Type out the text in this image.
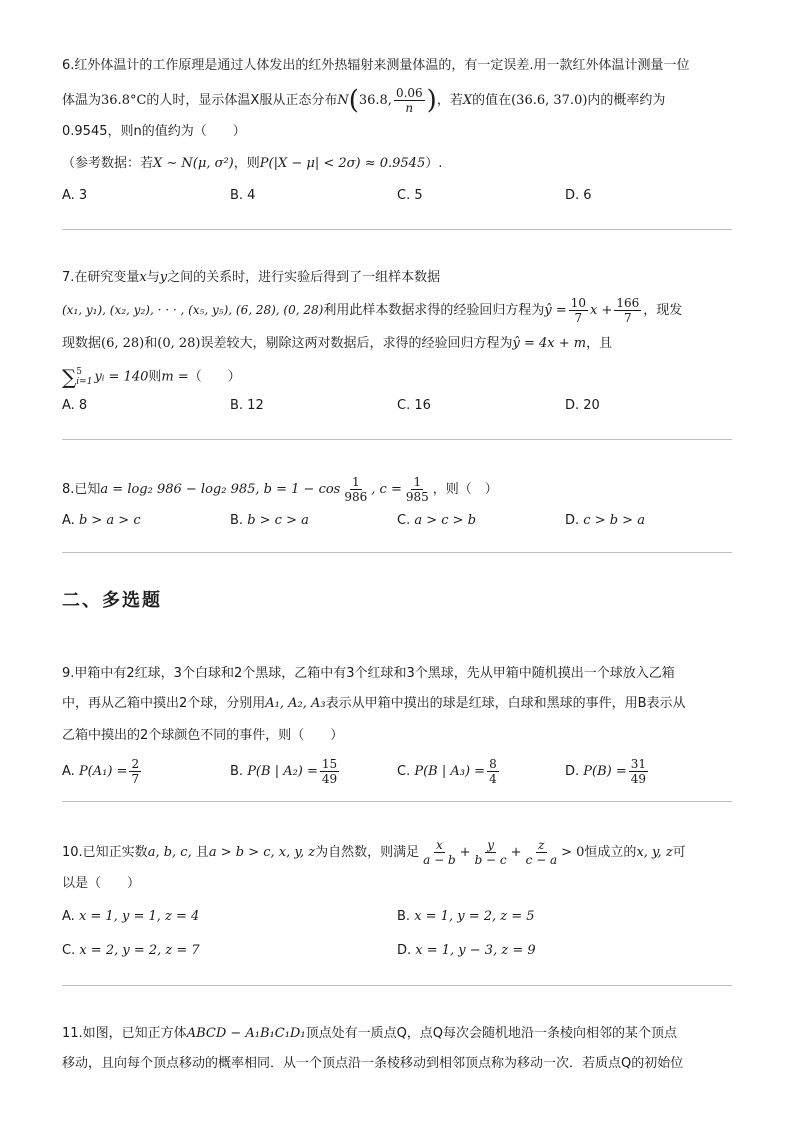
6.红外体温计的工作原理是通过人体发出的红外热辐射来测量体温的，有一定误差.用一款红外体温计测量一位
体温为36.8°C的人时，显示体温X服从正态分布N(36.8, $\frac{0.06}{n}$ )，若X的值在(36.6, 37.0)内的概率约为
0.9545，则n的值约为（　　）
（参考数据：若X ∼ N(μ, σ²)，则P(|X − μ| < 2σ) ≈ 0.9545）.
A. 3	B. 4	C. 5	D. 6
7.在研究变量x与y之间的关系时，进行实验后得到了一组样本数据
(x₁, y₁), (x₂, y₂), · · · , (x₅, y₅), (6, 28), (0, 28)利用此样本数据求得的经验回归方程为ŷ = $\frac{10}{7}$ $x + \frac{166}{7}$ ，现发
现数据(6, 28)和(0, 28)误差较大，剔除这两对数据后，求得的经验回归方程为ŷ = 4x + m，且
∑ 5
i=1 yᵢ = 140则m =（　　）
A. 8	B. 12	C. 16	D. 20
8.已知a = log₂ 986 − log₂ 985, $b = 1 - \cos \frac{1}{986}$ , $c = \frac{1}{985}$ ，则（　）
A. b > a > c	B. b > c > a	C. a > c > b	D. c > b > a
二、多选题
9.甲箱中有2红球，3个白球和2个黑球，乙箱中有3个红球和3个黑球，先从甲箱中随机摸出一个球放入乙箱
中，再从乙箱中摸出2个球，分别用A₁, A₂, A₃表示从甲箱中摸出的球是红球，白球和黑球的事件，用B表示从
乙箱中摸出的2个球颜色不同的事件，则（　　）
A. $P(A_1) = \frac{2}{7}$	B. P(B | $A_2) = \frac{15}{49}$	C. P(B | $A_3) = \frac{8}{4}$	D. $P(B) = \frac{31}{49}$
10.已知正实数a, b, c, 且a > b > c, x, y, z为自然数，则满足 $\frac{x}{a - b} + \frac{y}{b - c} + \frac{z}{c - a} > 0$恒成立的x, y, z可
以是（　　）
A. x = 1, y = 1, z = 4	B. x = 1, y = 2, z = 5
C. x = 2, y = 2, z = 7	D. x = 1, y − 3, z = 9
11.如图，已知正方体ABCD − A₁B₁C₁D₁顶点处有一质点Q，点Q每次会随机地沿一条棱向相邻的某个顶点
移动，且向每个顶点移动的概率相同．从一个顶点沿一条棱移动到相邻顶点称为移动一次．若质点Q的初始位
